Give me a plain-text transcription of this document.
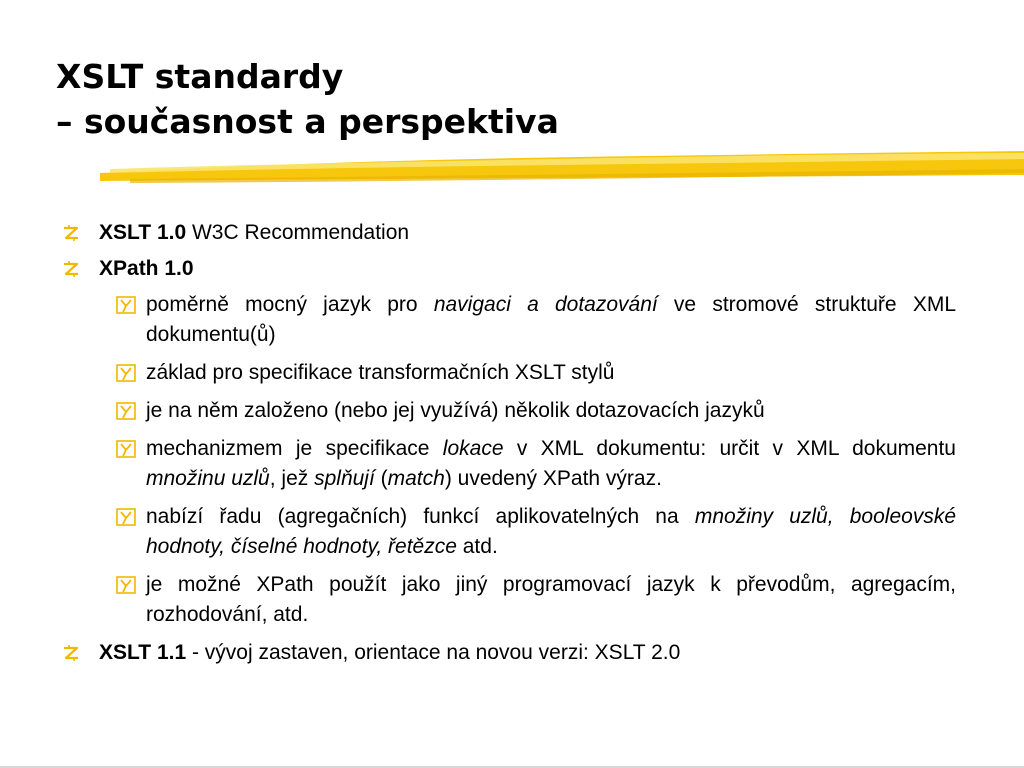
XSLT standardy
– současnost a perspektiva
XSLT 1.0 W3C Recommendation
XPath 1.0
poměrně mocný jazyk pro navigaci a dotazování ve stromové struktuře XML dokumentu(ů)
základ pro specifikace transformačních XSLT stylů
je na něm založeno (nebo jej využívá) několik dotazovacích jazyků
mechanizmem je specifikace lokace v XML dokumentu: určit v XML dokumentu množinu uzlů, jež splňují (match) uvedený XPath výraz.
nabízí řadu (agregačních) funkcí aplikovatelných na množiny uzlů, booleovské hodnoty, číselné hodnoty, řetězce atd.
je možné XPath použít jako jiný programovací jazyk k převodům, agregacím, rozhodování, atd.
XSLT 1.1 - vývoj zastaven, orientace na novou verzi: XSLT 2.0
